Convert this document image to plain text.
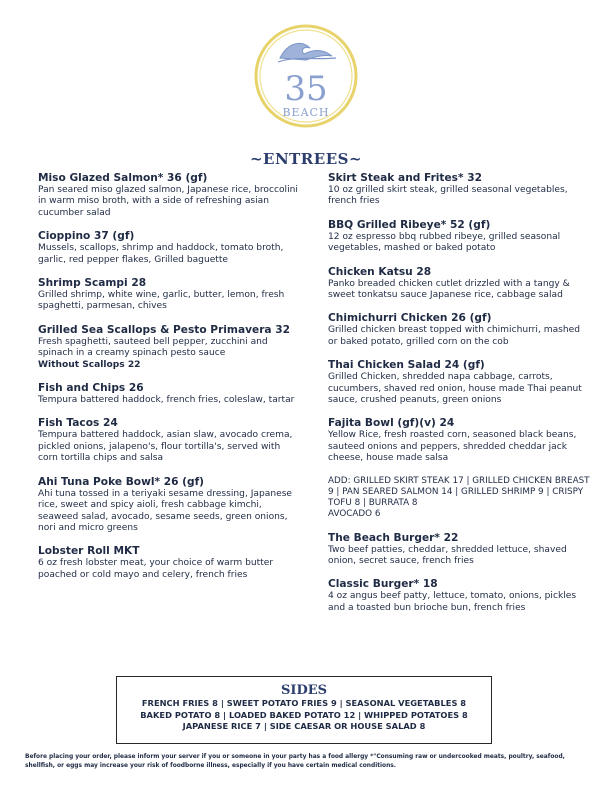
35
BEACH
~ENTREES~
Miso Glazed Salmon* 36 (gf)
Pan seared miso glazed salmon, Japanese rice, broccolini in warm miso broth, with a side of refreshing asian cucumber salad
Cioppino 37 (gf)
Mussels, scallops, shrimp and haddock, tomato broth, garlic, red pepper flakes, Grilled baguette
Shrimp Scampi 28
Grilled shrimp, white wine, garlic, butter, lemon, fresh spaghetti, parmesan, chives
Grilled Sea Scallops & Pesto Primavera 32
Fresh spaghetti, sauteed bell pepper, zucchini and spinach in a creamy spinach pesto sauce
Without Scallops 22
Fish and Chips 26
Tempura battered haddock, french fries, coleslaw, tartar
Fish Tacos 24
Tempura battered haddock, asian slaw, avocado crema, pickled onions, jalapeno's, flour tortilla's, served with corn tortilla chips and salsa
Ahi Tuna Poke Bowl* 26 (gf)
Ahi tuna tossed in a teriyaki sesame dressing, Japanese rice, sweet and spicy aioli, fresh cabbage kimchi, seaweed salad, avocado, sesame seeds, green onions, nori and micro greens
Lobster Roll MKT
6 oz fresh lobster meat, your choice of warm butter poached or cold mayo and celery, french fries
Skirt Steak and Frites* 32
10 oz grilled skirt steak, grilled seasonal vegetables, french fries
BBQ Grilled Ribeye* 52 (gf)
12 oz espresso bbq rubbed ribeye, grilled seasonal vegetables, mashed or baked potato
Chicken Katsu 28
Panko breaded chicken cutlet drizzled with a tangy & sweet tonkatsu sauce Japanese rice, cabbage salad
Chimichurri Chicken 26 (gf)
Grilled chicken breast topped with chimichurri, mashed or baked potato, grilled corn on the cob
Thai Chicken Salad 24 (gf)
Grilled Chicken, shredded napa cabbage, carrots, cucumbers, shaved red onion, house made Thai peanut sauce, crushed peanuts, green onions
Fajita Bowl (gf)(v) 24
Yellow Rice, fresh roasted corn, seasoned black beans, sauteed onions and peppers, shredded cheddar jack cheese, house made salsa
ADD: GRILLED SKIRT STEAK 17 | GRILLED CHICKEN BREAST 9 | PAN SEARED SALMON 14 | GRILLED SHRIMP 9 | CRISPY TOFU 8 | BURRATA 8
AVOCADO 6
The Beach Burger* 22
Two beef patties, cheddar, shredded lettuce, shaved onion, secret sauce, french fries
Classic Burger* 18
4 oz angus beef patty, lettuce, tomato, onions, pickles and a toasted bun brioche bun, french fries
SIDES
FRENCH FRIES 8 | SWEET POTATO FRIES 9 | SEASONAL VEGETABLES 8
BAKED POTATO 8 | LOADED BAKED POTATO 12 | WHIPPED POTATOES 8
JAPANESE RICE 7 | SIDE CAESAR OR HOUSE SALAD 8
Before placing your order, please inform your server if you or someone in your party has a food allergy *"Consuming raw or undercooked meats, poultry, seafood, shellfish, or eggs may increase your risk of foodborne illness, especially if you have certain medical conditions.
